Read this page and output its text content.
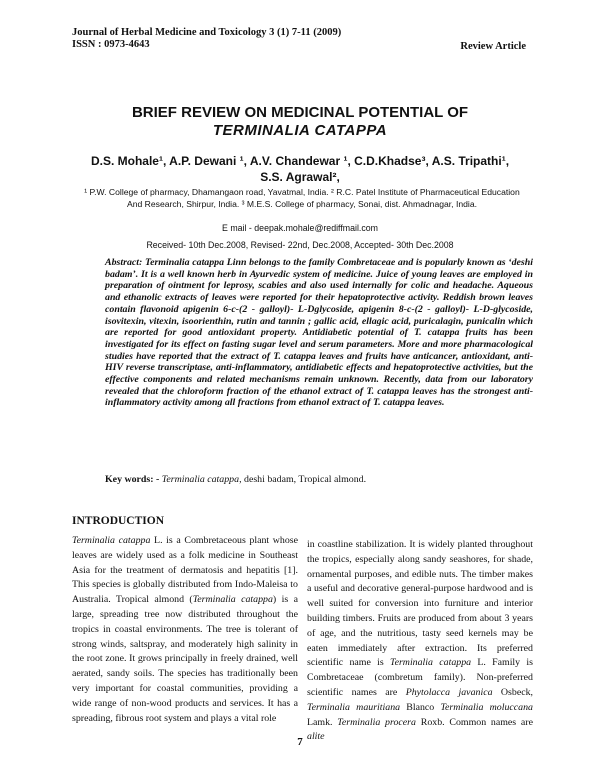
Journal of Herbal Medicine and Toxicology 3 (1) 7-11 (2009)
ISSN : 0973-4643	Review Article
BRIEF REVIEW ON MEDICINAL POTENTIAL OF
TERMINALIA CATAPPA
D.S. Mohale¹, A.P. Dewani ¹, A.V. Chandewar ¹, C.D.Khadse³, A.S. Tripathi¹,
S.S. Agrawal²,
¹ P.W. College of pharmacy, Dhamangaon road, Yavatmal, India. ² R.C. Patel Institute of Pharmaceutical Education And Research, Shirpur, India. ³ M.E.S. College of pharmacy, Sonai, dist. Ahmadnagar, India.
E mail - deepak.mohale@rediffmail.com
Received- 10th Dec.2008, Revised- 22nd, Dec.2008, Accepted- 30th Dec.2008
Abstract: Terminalia catappa Linn belongs to the family Combretaceae and is popularly known as ‘deshi badam’. It is a well known herb in Ayurvedic system of medicine. Juice of young leaves are employed in preparation of ointment for leprosy, scabies and also used internally for colic and headache. Aqueous and ethanolic extracts of leaves were reported for their hepatoprotective activity. Reddish brown leaves contain flavonoid apigenin 6-c-(2 - galloyl)- L-Dglycoside, apigenin 8-c-(2 - galloyl)- L-D-glycoside, isovitexin, vitexin, isoorienthin, rutin and tannin ; gallic acid, ellagic acid, puricalagin, punicalin which are reported for good antioxidant property. Antidiabetic potential of T. catappa fruits has been investigated for its effect on fasting sugar level and serum parameters. More and more pharmacological studies have reported that the extract of T. catappa leaves and fruits have anticancer, antioxidant, anti-HIV reverse transcriptase, anti-inflammatory, antidiabetic effects and hepatoprotective activities, but the effective components and related mechanisms remain unknown. Recently, data from our laboratory revealed that the chloroform fraction of the ethanol extract of T. catappa leaves has the strongest anti-inflammatory activity among all fractions from ethanol extract of T. catappa leaves.
Key words: - Terminalia catappa, deshi badam, Tropical almond.
INTRODUCTION
Terminalia catappa L. is a Combretaceous plant whose leaves are widely used as a folk medicine in Southeast Asia for the treatment of dermatosis and hepatitis [1]. This species is globally distributed from Indo-Maleisa to Australia. Tropical almond (Terminalia catappa) is a large, spreading tree now distributed throughout the tropics in coastal environments. The tree is tolerant of strong winds, saltspray, and moderately high salinity in the root zone. It grows principally in freely drained, well aerated, sandy soils. The species has traditionally been very important for coastal communities, providing a wide range of non-wood products and services. It has a spreading, fibrous root system and plays a vital role
in coastline stabilization. It is widely planted throughout the tropics, especially along sandy seashores, for shade, ornamental purposes, and edible nuts. The timber makes a useful and decorative general-purpose hardwood and is well suited for conversion into furniture and interior building timbers. Fruits are produced from about 3 years of age, and the nutritious, tasty seed kernels may be eaten immediately after extraction. Its preferred scientific name is Terminalia catappa L. Family is Combretaceae (combretum family). Non-preferred scientific names are Phytolacca javanica Osbeck, Terminalia mauritiana Blanco Terminalia moluccana Lamk. Terminalia procera Roxb. Common names are alite
7
